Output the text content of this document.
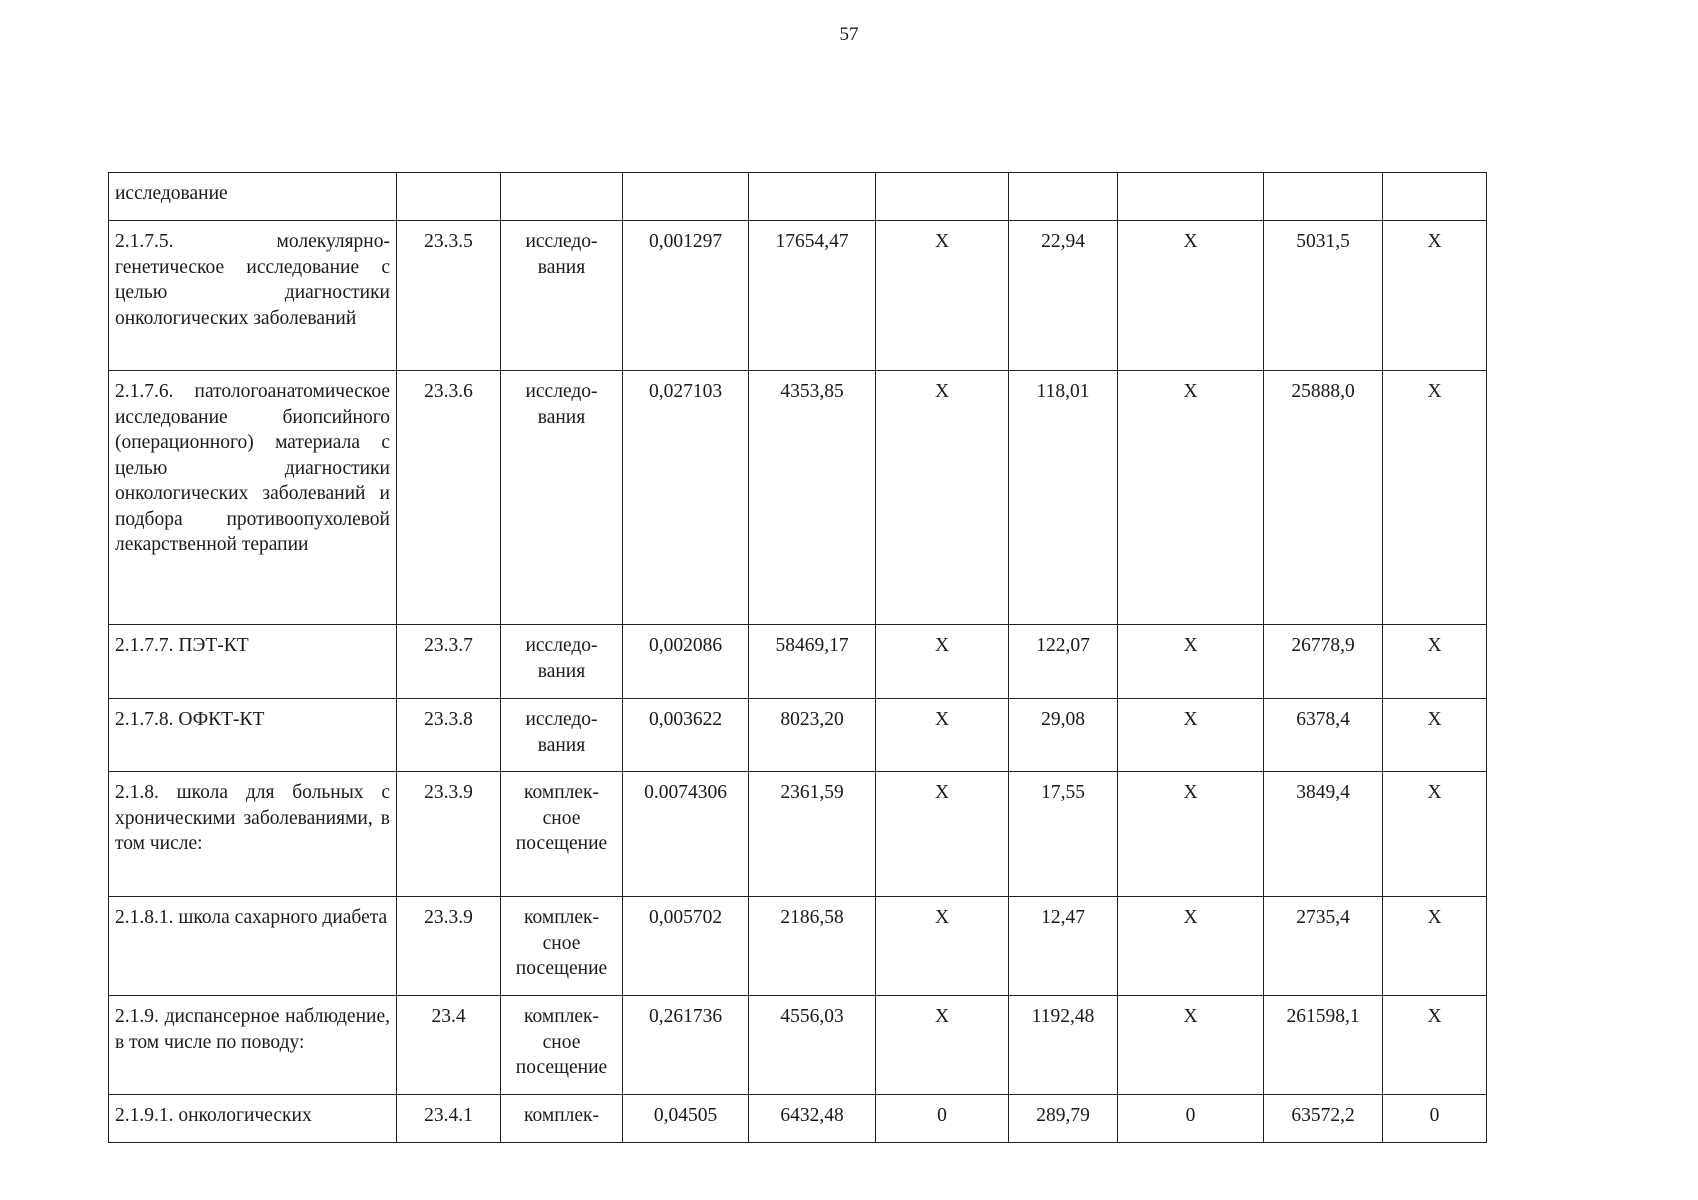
57
исследование									
2.1.7.5. молекулярно-генетическое исследование с целью диагностики онкологических заболеваний	23.3.5	исследо-
вания	0,001297	17654,47	Х	22,94	Х	5031,5	Х
2.1.7.6. патологоанатомическое исследование биопсийного (операционного) материала с целью диагностики онкологических заболеваний и подбора противоопухолевой лекарственной терапии	23.3.6	исследо-
вания	0,027103	4353,85	Х	118,01	Х	25888,0	Х
2.1.7.7. ПЭТ-КТ	23.3.7	исследо-
вания	0,002086	58469,17	Х	122,07	Х	26778,9	Х
2.1.7.8. ОФКТ-КТ	23.3.8	исследо-
вания	0,003622	8023,20	Х	29,08	Х	6378,4	Х
2.1.8. школа для больных с хроническими заболеваниями, в том числе:	23.3.9	комплек-
сное
посещение	0.0074306	2361,59	Х	17,55	Х	3849,4	Х
2.1.8.1. школа сахарного диабета	23.3.9	комплек-
сное
посещение	0,005702	2186,58	Х	12,47	Х	2735,4	Х
2.1.9. диспансерное наблюдение, в том числе по поводу:	23.4	комплек-
сное
посещение	0,261736	4556,03	Х	1192,48	Х	261598,1	Х
2.1.9.1. онкологических	23.4.1	комплек-	0,04505	6432,48	0	289,79	0	63572,2	0
